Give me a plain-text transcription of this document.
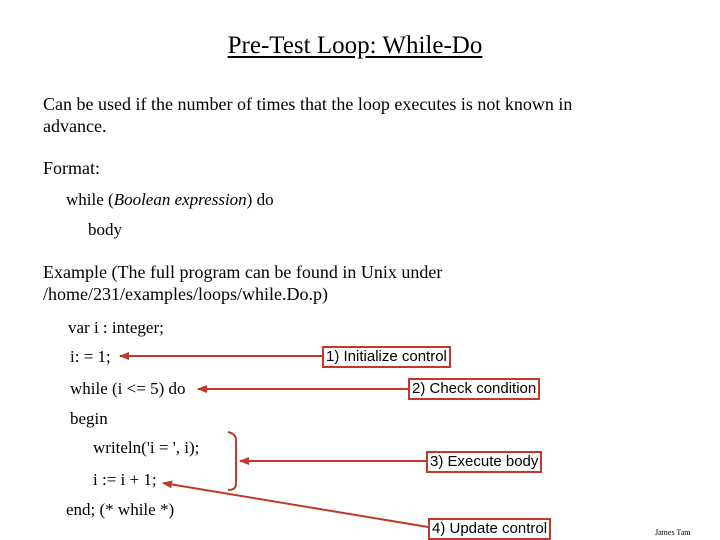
Pre-Test Loop: While-Do
Can be used if the number of times that the loop executes is not known in
advance.
Format:
while (Boolean expression) do
body
Example (The full program can be found in Unix under
/home/231/examples/loops/while.Do.p)
var i : integer;
i: = 1;
while (i <= 5) do
begin
writeln('i = ', i);
i := i + 1;
end; (* while *)
1) Initialize control
2) Check condition
3) Execute body
4) Update control	James Tam
